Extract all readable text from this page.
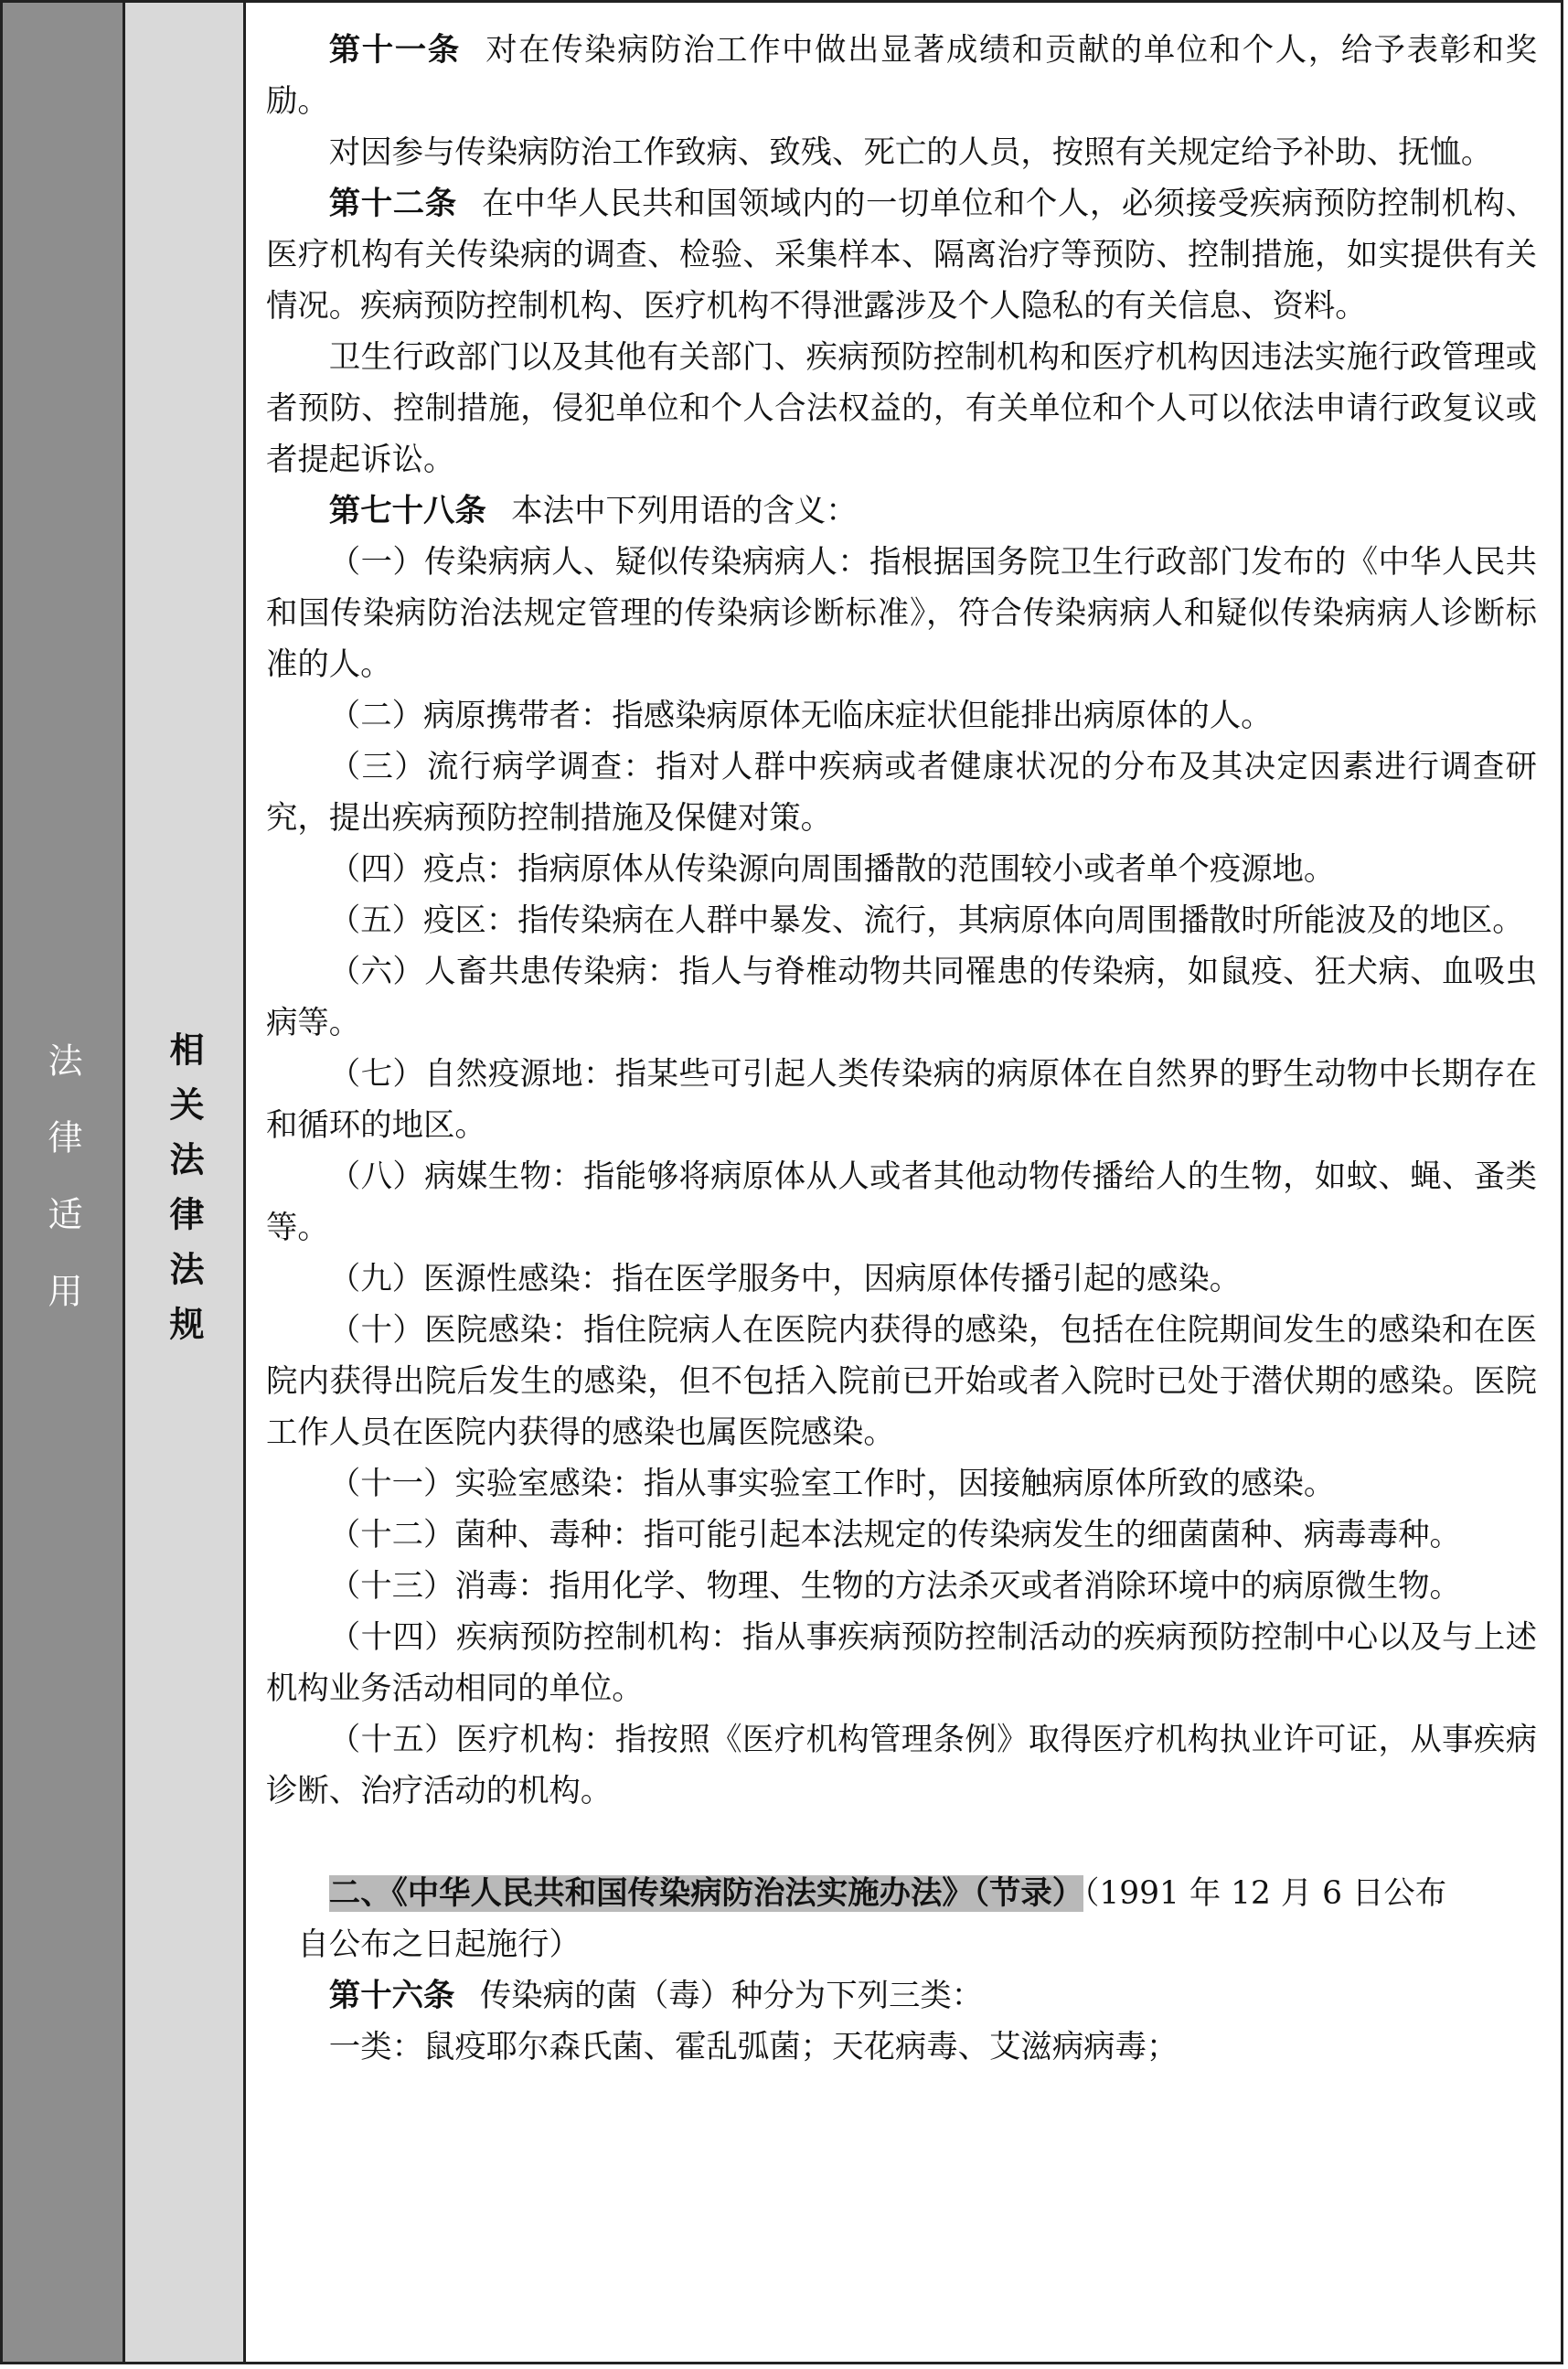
法律适用 相关法律法规

第十一条 对在传染病防治工作中做出显著成绩和贡献的单位和个人，给予表彰和奖励。

对因参与传染病防治工作致病、致残、死亡的人员，按照有关规定给予补助、抚恤。

第十二条 在中华人民共和国领域内的一切单位和个人，必须接受疾病预防控制机构、医疗机构有关传染病的调查、检验、采集样本、隔离治疗等预防、控制措施，如实提供有关情况。疾病预防控制机构、医疗机构不得泄露涉及个人隐私的有关信息、资料。

卫生行政部门以及其他有关部门、疾病预防控制机构和医疗机构因违法实施行政管理或者预防、控制措施，侵犯单位和个人合法权益的，有关单位和个人可以依法申请行政复议或者提起诉讼。

第七十八条 本法中下列用语的含义：

（一）传染病病人、疑似传染病病人：指根据国务院卫生行政部门发布的《中华人民共和国传染病防治法规定管理的传染病诊断标准》，符合传染病病人和疑似传染病病人诊断标准的人。

（二）病原携带者：指感染病原体无临床症状但能排出病原体的人。

（三）流行病学调查：指对人群中疾病或者健康状况的分布及其决定因素进行调查研究，提出疾病预防控制措施及保健对策。

（四）疫点：指病原体从传染源向周围播散的范围较小或者单个疫源地。

（五）疫区：指传染病在人群中暴发、流行，其病原体向周围播散时所能波及的地区。

（六）人畜共患传染病：指人与脊椎动物共同罹患的传染病，如鼠疫、狂犬病、血吸虫病等。

（七）自然疫源地：指某些可引起人类传染病的病原体在自然界的野生动物中长期存在和循环的地区。

（八）病媒生物：指能够将病原体从人或者其他动物传播给人的生物，如蚊、蝇、蚤类等。

（九）医源性感染：指在医学服务中，因病原体传播引起的感染。

（十）医院感染：指住院病人在医院内获得的感染，包括在住院期间发生的感染和在医院内获得出院后发生的感染，但不包括入院前已开始或者入院时已处于潜伏期的感染。医院工作人员在医院内获得的感染也属医院感染。

（十一）实验室感染：指从事实验室工作时，因接触病原体所致的感染。

（十二）菌种、毒种：指可能引起本法规定的传染病发生的细菌菌种、病毒毒种。

（十三）消毒：指用化学、物理、生物的方法杀灭或者消除环境中的病原微生物。

（十四）疾病预防控制机构：指从事疾病预防控制活动的疾病预防控制中心以及与上述机构业务活动相同的单位。

（十五）医疗机构：指按照《医疗机构管理条例》取得医疗机构执业许可证，从事疾病诊断、治疗活动的机构。

二、《中华人民共和国传染病防治法实施办法》（节录）（1991 年 12 月 6 日公布

自公布之日起施行）

第十六条 传染病的菌（毒）种分为下列三类：

一类：鼠疫耶尔森氏菌、霍乱弧菌；天花病毒、艾滋病病毒；
